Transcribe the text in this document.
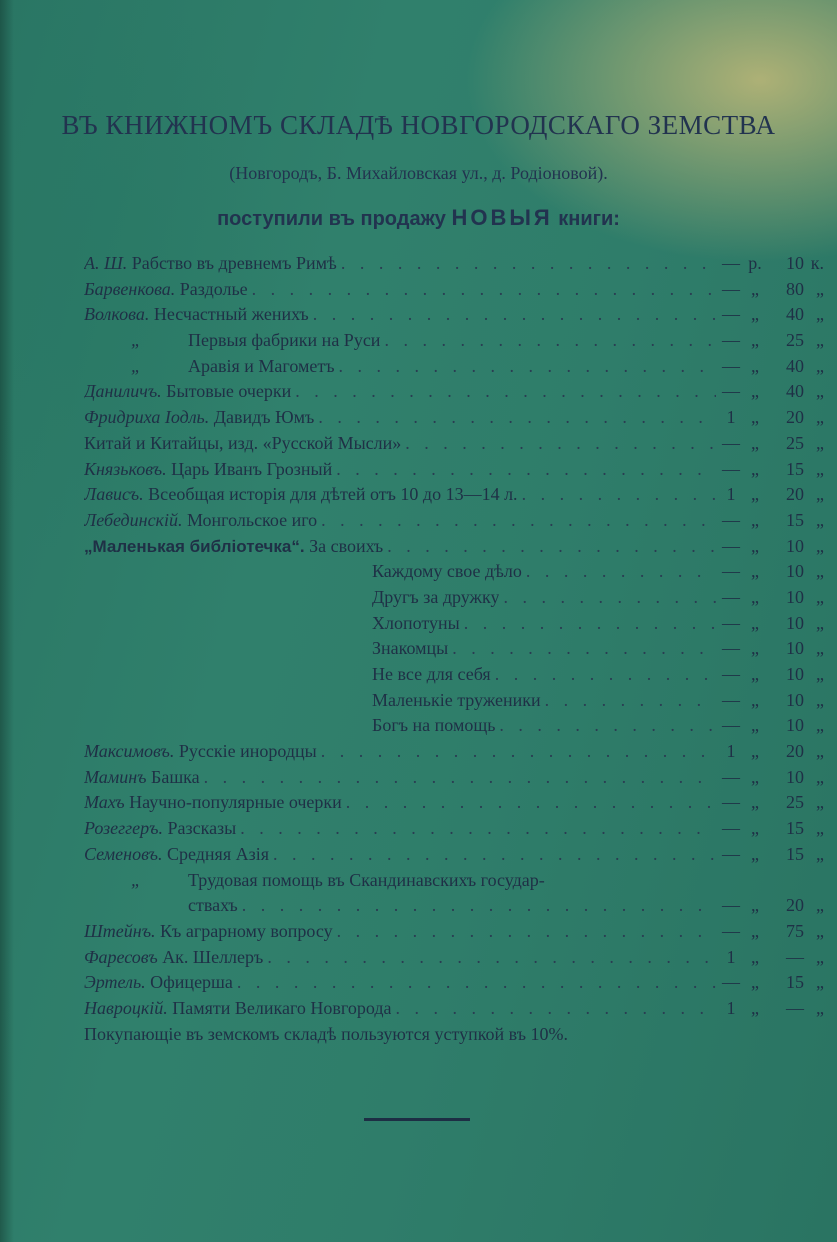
ВЪ КНИЖНОМЪ СКЛАДѢ НОВГОРОДСКАГО ЗЕМСТВА
(Новгородъ, Б. Михайловская ул., д. Родіоновой).
поступили въ продажу НОВЫЯ книги:
А. Ш. Рабство въ древнемъ Римѣ . . .	— р.	10 к.
Барвенкова. Раздолье . . .	— „	80 „
Волкова. Несчастный женихъ . . .	— „	40 „
„	Первыя фабрики на Руси . . .	— „	25 „
„	Аравія и Магометъ . . .	— „	40 „
Даниличъ. Бытовые очерки . . .	— „	40 „
Фридриха Іодль. Давидъ Юмъ . . .	1 „	20 „
Китай и Китайцы, изд. «Русской Мысли» . . .	— „	25 „
Князьковъ. Царь Иванъ Грозный . . .	— „	15 „
Лависъ. Всеобщая исторія для дѣтей отъ 10 до 13—14 л. . . .	1 „	20 „
Лебединскій. Монгольское иго . . .	— „	15 „
„Маленькая библіотечка“. За своихъ . . .	— „	10 „
Каждому свое дѣло . . .	— „	10 „
Другъ за дружку . . .	— „	10 „
Хлопотуны . . .	— „	10 „
Знакомцы . . .	— „	10 „
Не все для себя . . .	— „	10 „
Маленькіе труженики . . .	— „	10 „
Богъ на помощь . . .	— „	10 „
Максимовъ. Русскіе инородцы . . .	1 „	20 „
Маминъ Башка . . .	— „	10 „
Махъ Научно-популярные очерки . . .	— „	25 „
Розеггеръ. Разсказы . . .	— „	15 „
Семеновъ. Средняя Азія . . .	— „	15 „
„	Трудовая помощь въ Скандинавскихъ государ-
ствахъ . . .	— „	20 „
Штейнъ. Къ аграрному вопросу . . .	— „	75 „
Фаресовъ Ак. Шеллеръ . . .	1 „	— „
Эртель. Офицерша . . .	— „	15 „
Навроцкій. Памяти Великаго Новгорода . . .	1 „	— „
Покупающіе въ земскомъ складѣ пользуются уступкой въ 10%.
